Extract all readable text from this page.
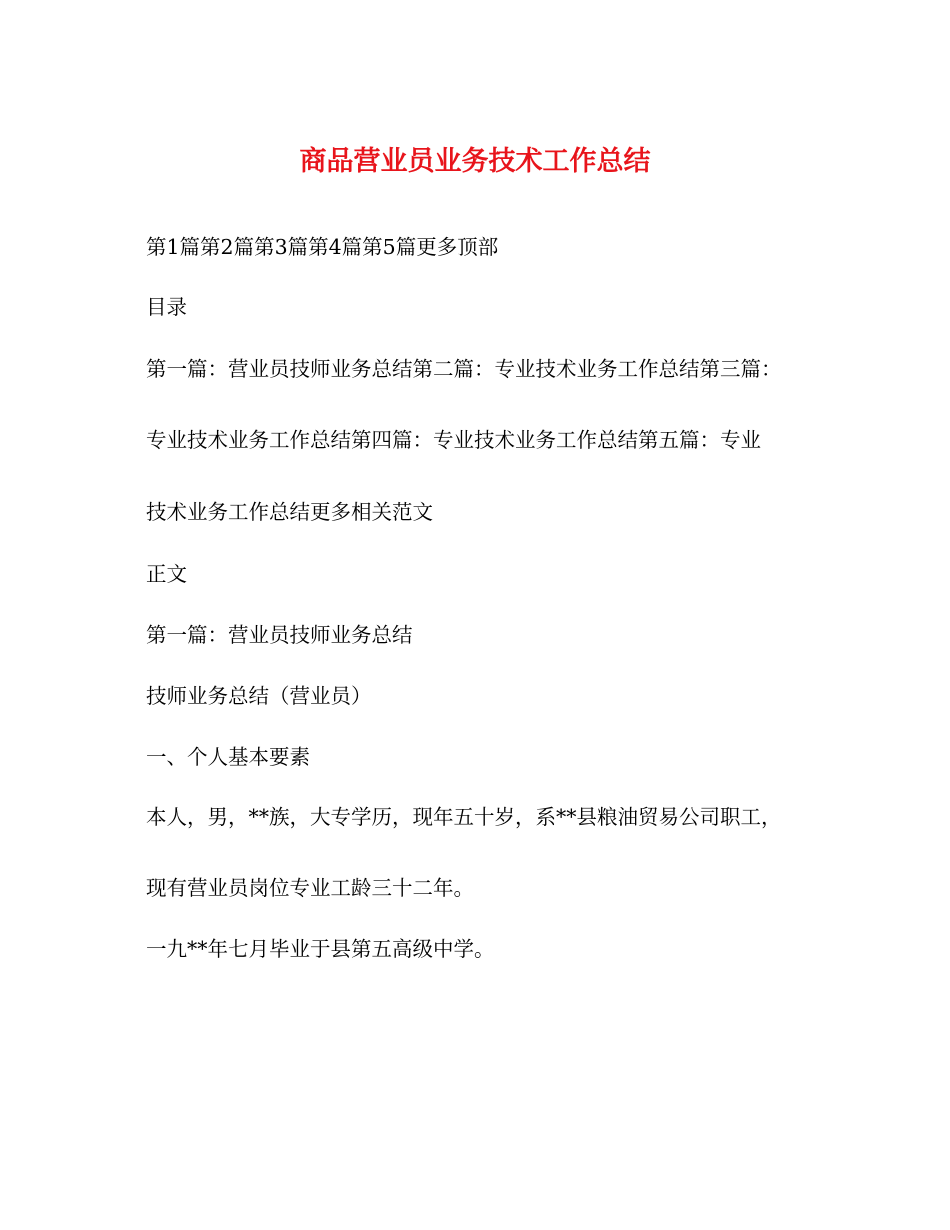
商品营业员业务技术工作总结

第1篇第2篇第3篇第4篇第5篇更多顶部

目录

第一篇：营业员技师业务总结第二篇：专业技术业务工作总结第三篇：

专业技术业务工作总结第四篇：专业技术业务工作总结第五篇：专业

技术业务工作总结更多相关范文

正文

第一篇：营业员技师业务总结

技师业务总结（营业员）

一、个人基本要素

本人，男，**族，大专学历，现年五十岁，系**县粮油贸易公司职工，

现有营业员岗位专业工龄三十二年。

一九**年七月毕业于县第五高级中学。
